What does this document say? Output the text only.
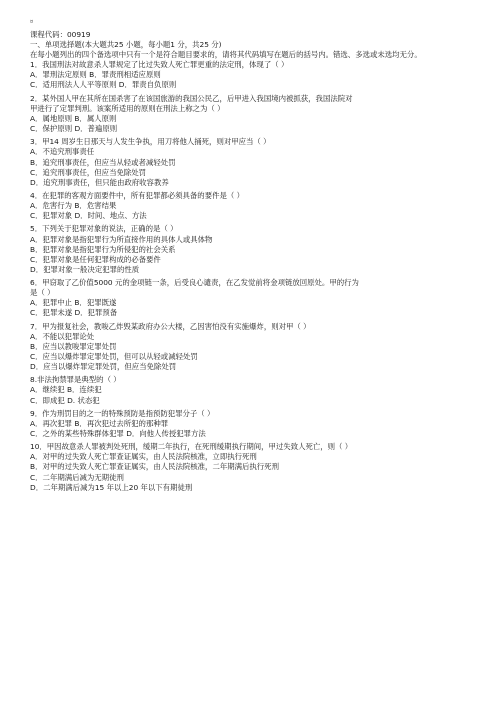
¤
课程代码：00919
一、单项选择题(本大题共25 小题，每小题1 分，共25 分)
在每小题列出的四个备选项中只有一个是符合题目要求的，请将其代码填写在题后的括号内。错选、多选或未选均无分。
1．我国刑法对故意杀人罪规定了比过失致人死亡罪更重的法定刑，体现了（ ）
A．罪刑法定原则 B．罪责刑相适应原则
C．适用刑法人人平等原则 D．罪责自负原则
2．某外国人甲在其所在国杀害了在该国旅游的我国公民乙，后甲进入我国境内被抓获，我国法院对
甲进行了定罪判刑。该案所适用的原则在刑法上称之为（ ）
A．属地原则 B．属人原则
C．保护原则 D．普遍原则
3．甲14 周岁生日那天与人发生争执，用刀将他人捅死，则对甲应当（ ）
A．不追究刑事责任
B．追究刑事责任，但应当从轻或者减轻处罚
C．追究刑事责任，但应当免除处罚
D．追究刑事责任，但只能由政府收容教养
4．在犯罪的客观方面要件中，所有犯罪都必须具备的要件是（ ）
A．危害行为 B．危害结果
C．犯罪对象 D．时间、地点、方法
5．下列关于犯罪对象的说法，正确的是（ ）
A．犯罪对象是指犯罪行为所直接作用的具体人或具体物
B．犯罪对象是指犯罪行为所侵犯的社会关系
C．犯罪对象是任何犯罪构成的必备要件
D．犯罪对象一般决定犯罪的性质
6．甲窃取了乙价值5000 元的金项链一条，后受良心谴责，在乙发觉前将金项链放回原处。甲的行为
是（ ）
A．犯罪中止 B．犯罪既遂
C．犯罪未遂 D．犯罪预备
7．甲为报复社会，教唆乙炸毁某政府办公大楼，乙因害怕没有实施爆炸，则对甲（ ）
A．不能以犯罪论处
B．应当以教唆罪定罪处罚
C．应当以爆炸罪定罪处罚，但可以从轻或减轻处罚
D．应当以爆炸罪定罪处罚，但应当免除处罚
8.非法拘禁罪是典型的（ ）
A．继续犯 B．连续犯
C．即成犯 D. 状态犯
9．作为刑罚目的之一的特殊预防是指预防犯罪分子（ ）
A．再次犯罪 B．再次犯过去所犯的那种罪
C．之外的某些特殊群体犯罪 D．向他人传授犯罪方法
10．甲因故意杀人罪被判处死刑，缓期二年执行，在死刑缓期执行期间，甲过失致人死亡，则（ ）
A．对甲的过失致人死亡罪查证属实，由人民法院核准，立即执行死刑
B．对甲的过失致人死亡罪查证属实，由人民法院核准，二年期满后执行死刑
C．二年期满后减为无期徒刑
D．二年期满后减为15 年以上20 年以下有期徒刑
